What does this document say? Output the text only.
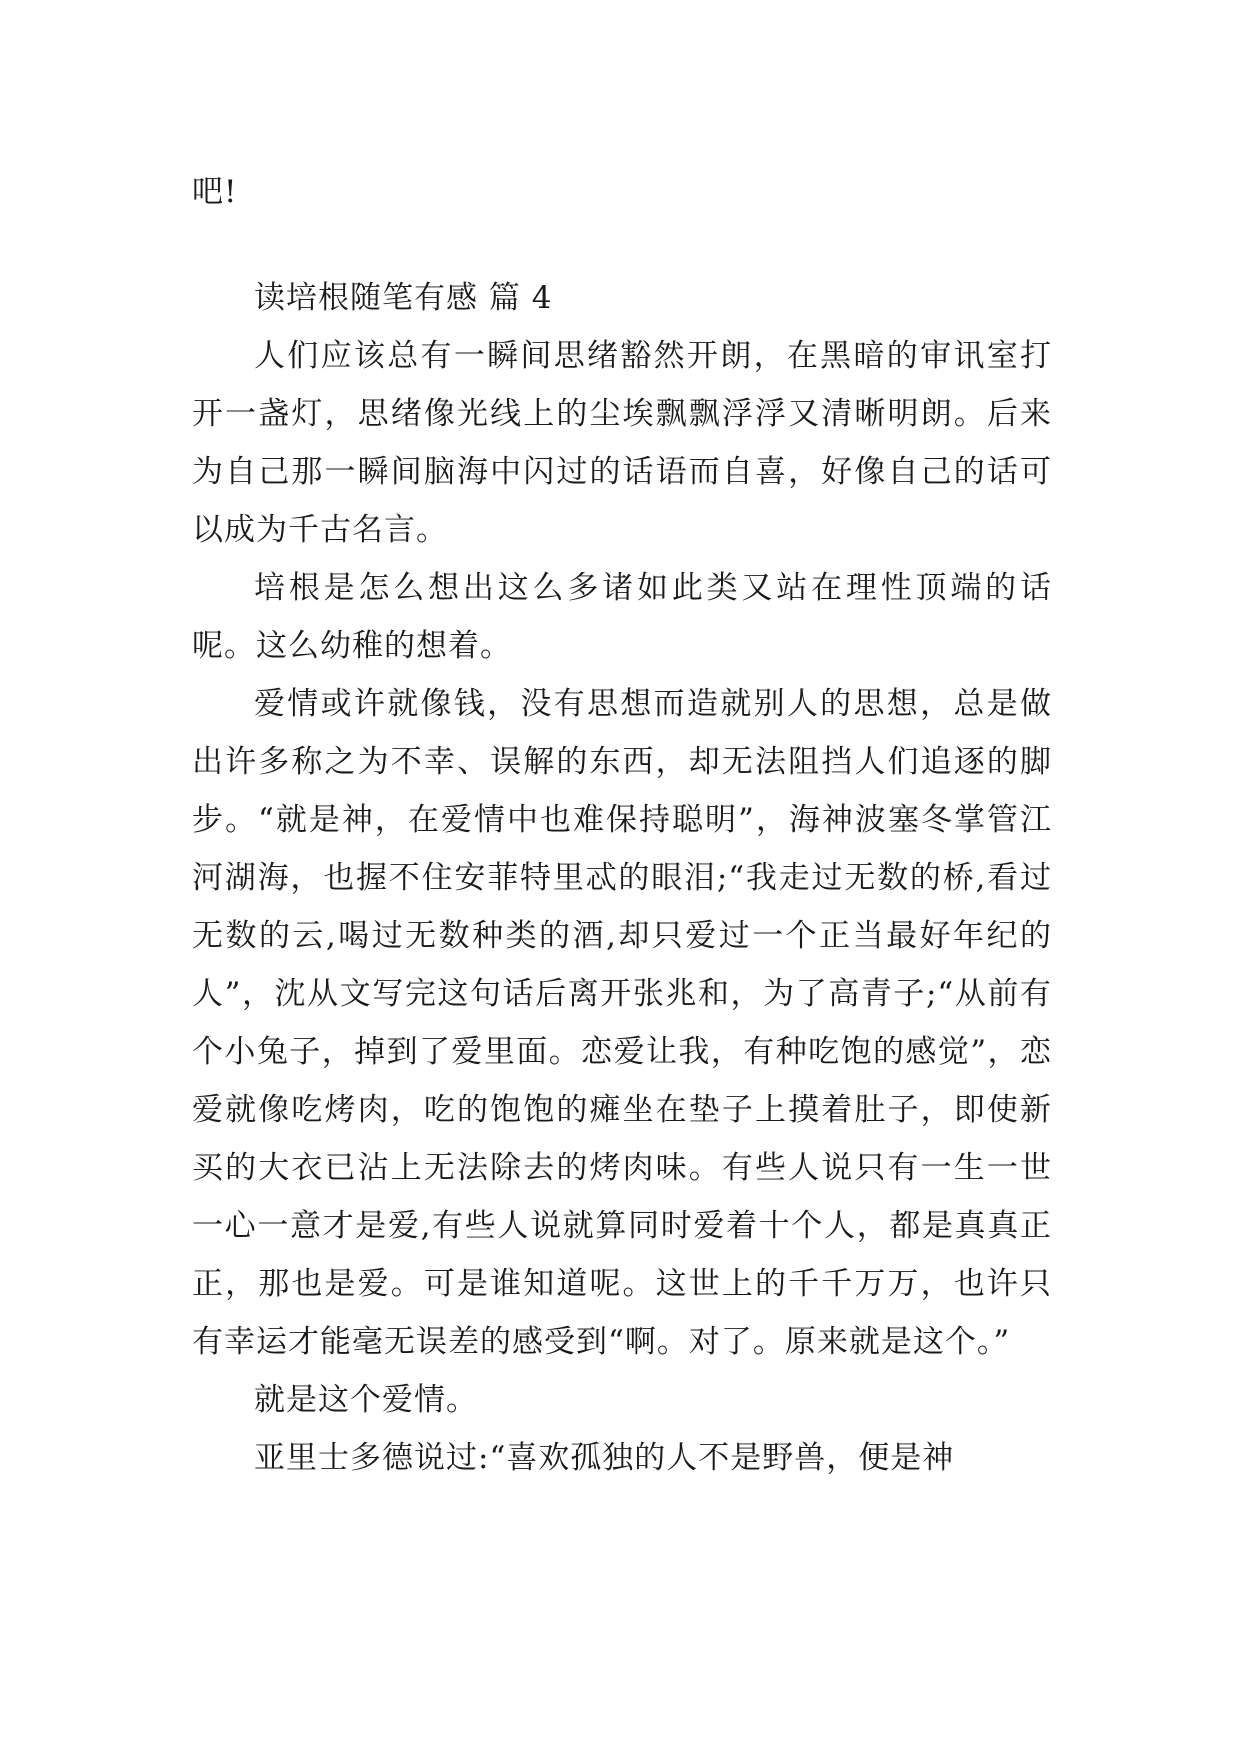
吧!

读培根随笔有感 篇 4

人们应该总有一瞬间思绪豁然开朗，在黑暗的审讯室打开一盏灯，思绪像光线上的尘埃飘飘浮浮又清晰明朗。后来为自己那一瞬间脑海中闪过的话语而自喜，好像自己的话可以成为千古名言。

培根是怎么想出这么多诸如此类又站在理性顶端的话呢。这么幼稚的想着。

爱情或许就像钱，没有思想而造就别人的思想，总是做出许多称之为不幸、误解的东西，却无法阻挡人们追逐的脚步。“就是神，在爱情中也难保持聪明”，海神波塞冬掌管江河湖海，也握不住安菲特里忒的眼泪;“我走过无数的桥,看过无数的云,喝过无数种类的酒,却只爱过一个正当最好年纪的人”，沈从文写完这句话后离开张兆和，为了高青子;“从前有个小兔子，掉到了爱里面。恋爱让我，有种吃饱的感觉”，恋爱就像吃烤肉，吃的饱饱的瘫坐在垫子上摸着肚子，即使新买的大衣已沾上无法除去的烤肉味。有些人说只有一生一世一心一意才是爱,有些人说就算同时爱着十个人，都是真真正正，那也是爱。可是谁知道呢。这世上的千千万万，也许只有幸运才能毫无误差的感受到“啊。对了。原来就是这个。”

就是这个爱情。

亚里士多德说过:“喜欢孤独的人不是野兽，便是神
